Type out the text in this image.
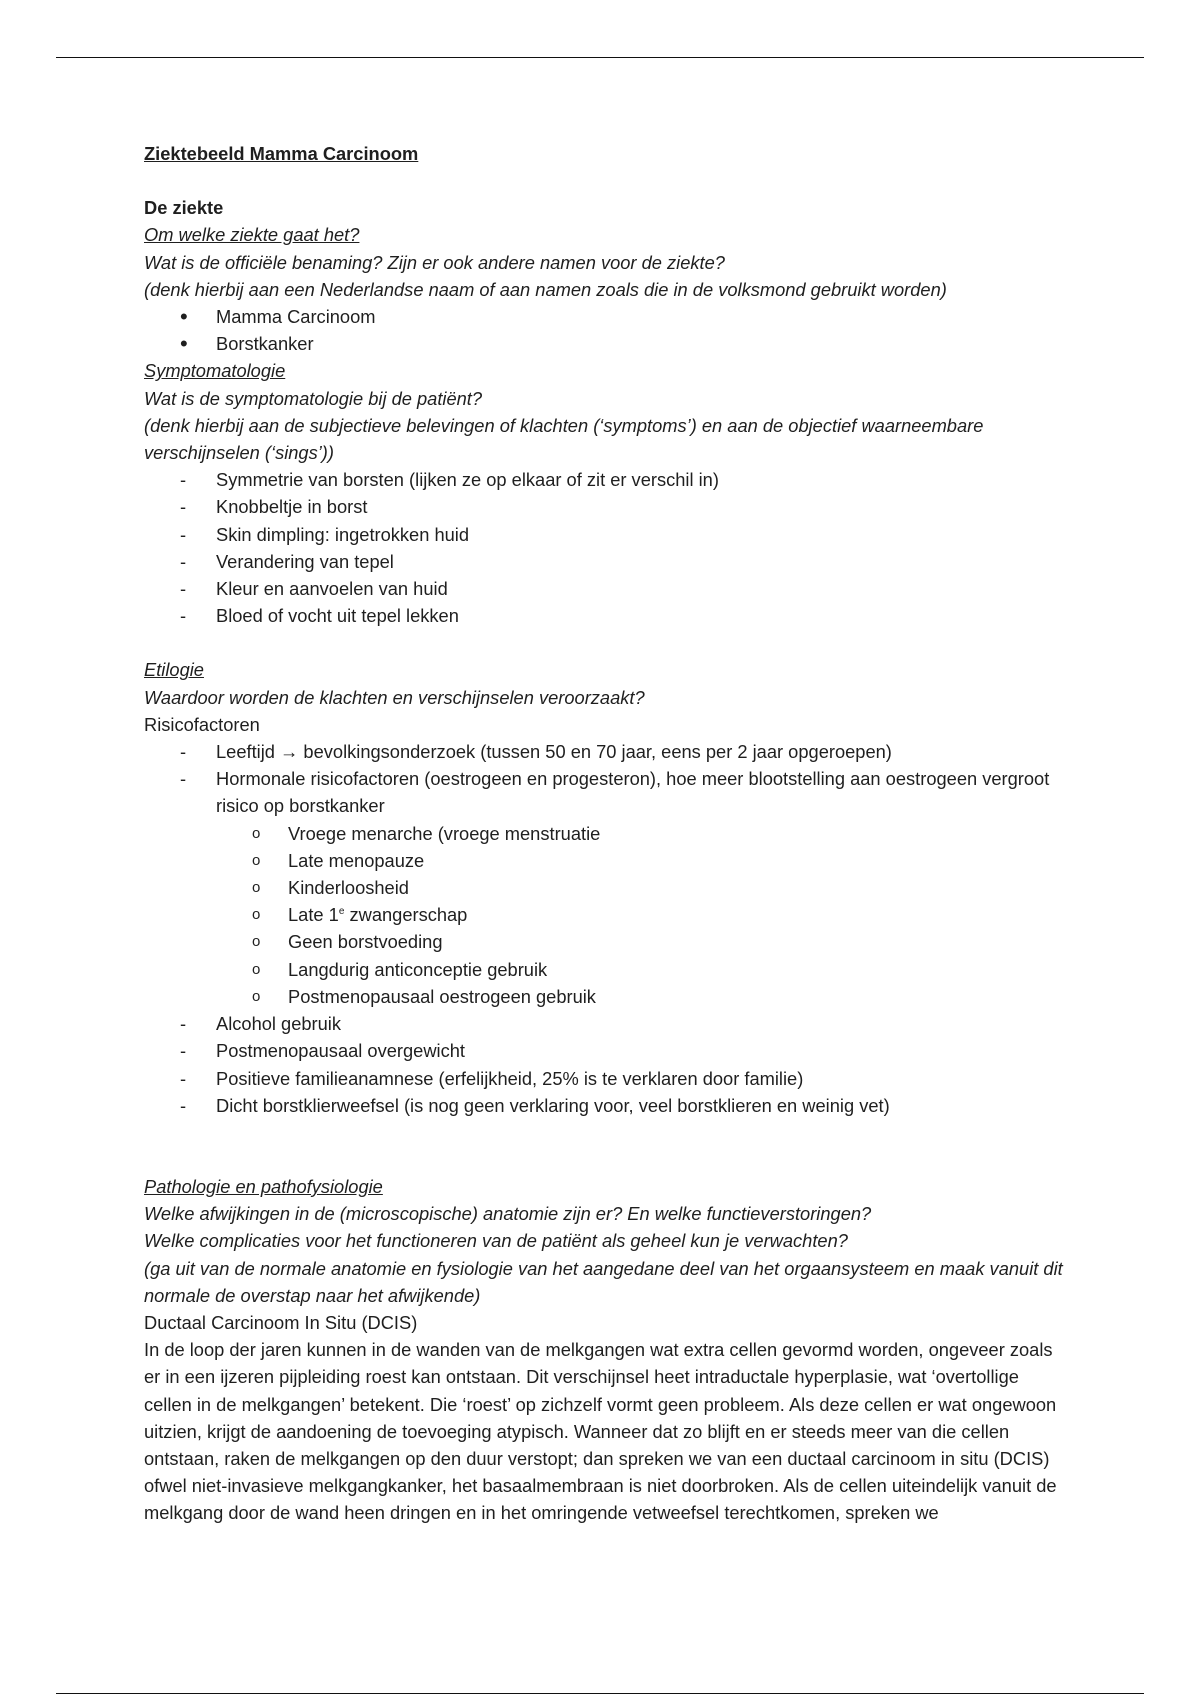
Ziektebeeld Mamma Carcinoom

De ziekte

Om welke ziekte gaat het?

Wat is de officiële benaming? Zijn er ook andere namen voor de ziekte?

(denk hierbij aan een Nederlandse naam of aan namen zoals die in de volksmond gebruikt worden)

•	Mamma Carcinoom
•	Borstkanker

Symptomatologie

Wat is de symptomatologie bij de patiënt?

(denk hierbij aan de subjectieve belevingen of klachten (‘symptoms’) en aan de objectief waarneembare verschijnselen (‘sings’))

-	Symmetrie van borsten (lijken ze op elkaar of zit er verschil in)
-	Knobbeltje in borst
-	Skin dimpling: ingetrokken huid
-	Verandering van tepel
-	Kleur en aanvoelen van huid
-	Bloed of vocht uit tepel lekken

Etilogie

Waardoor worden de klachten en verschijnselen veroorzaakt?

Risicofactoren

-	Leeftijd → bevolkingsonderzoek (tussen 50 en 70 jaar, eens per 2 jaar opgeroepen)
-	Hormonale risicofactoren (oestrogeen en progesteron), hoe meer blootstelling aan oestrogeen vergroot risico op borstkanker
o	Vroege menarche (vroege menstruatie
o	Late menopauze
o	Kinderloosheid
o	Late 1e zwangerschap
o	Geen borstvoeding
o	Langdurig anticonceptie gebruik
o	Postmenopausaal oestrogeen gebruik
-	Alcohol gebruik
-	Postmenopausaal overgewicht
-	Positieve familieanamnese (erfelijkheid, 25% is te verklaren door familie)
-	Dicht borstklierweefsel (is nog geen verklaring voor, veel borstklieren en weinig vet)

Pathologie en pathofysiologie

Welke afwijkingen in de (microscopische) anatomie zijn er? En welke functieverstoringen?

Welke complicaties voor het functioneren van de patiënt als geheel kun je verwachten?

(ga uit van de normale anatomie en fysiologie van het aangedane deel van het orgaansysteem en maak vanuit dit normale de overstap naar het afwijkende)

Ductaal Carcinoom In Situ (DCIS)

In de loop der jaren kunnen in de wanden van de melkgangen wat extra cellen gevormd worden, ongeveer zoals er in een ijzeren pijpleiding roest kan ontstaan. Dit verschijnsel heet intraductale hyperplasie, wat ‘overtollige cellen in de melkgangen’ betekent. Die ‘roest’ op zichzelf vormt geen probleem. Als deze cellen er wat ongewoon uitzien, krijgt de aandoening de toevoeging atypisch. Wanneer dat zo blijft en er steeds meer van die cellen ontstaan, raken de melkgangen op den duur verstopt; dan spreken we van een ductaal carcinoom in situ (DCIS) ofwel niet-invasieve melkgangkanker, het basaalmembraan is niet doorbroken. Als de cellen uiteindelijk vanuit de melkgang door de wand heen dringen en in het omringende vetweefsel terechtkomen, spreken we
